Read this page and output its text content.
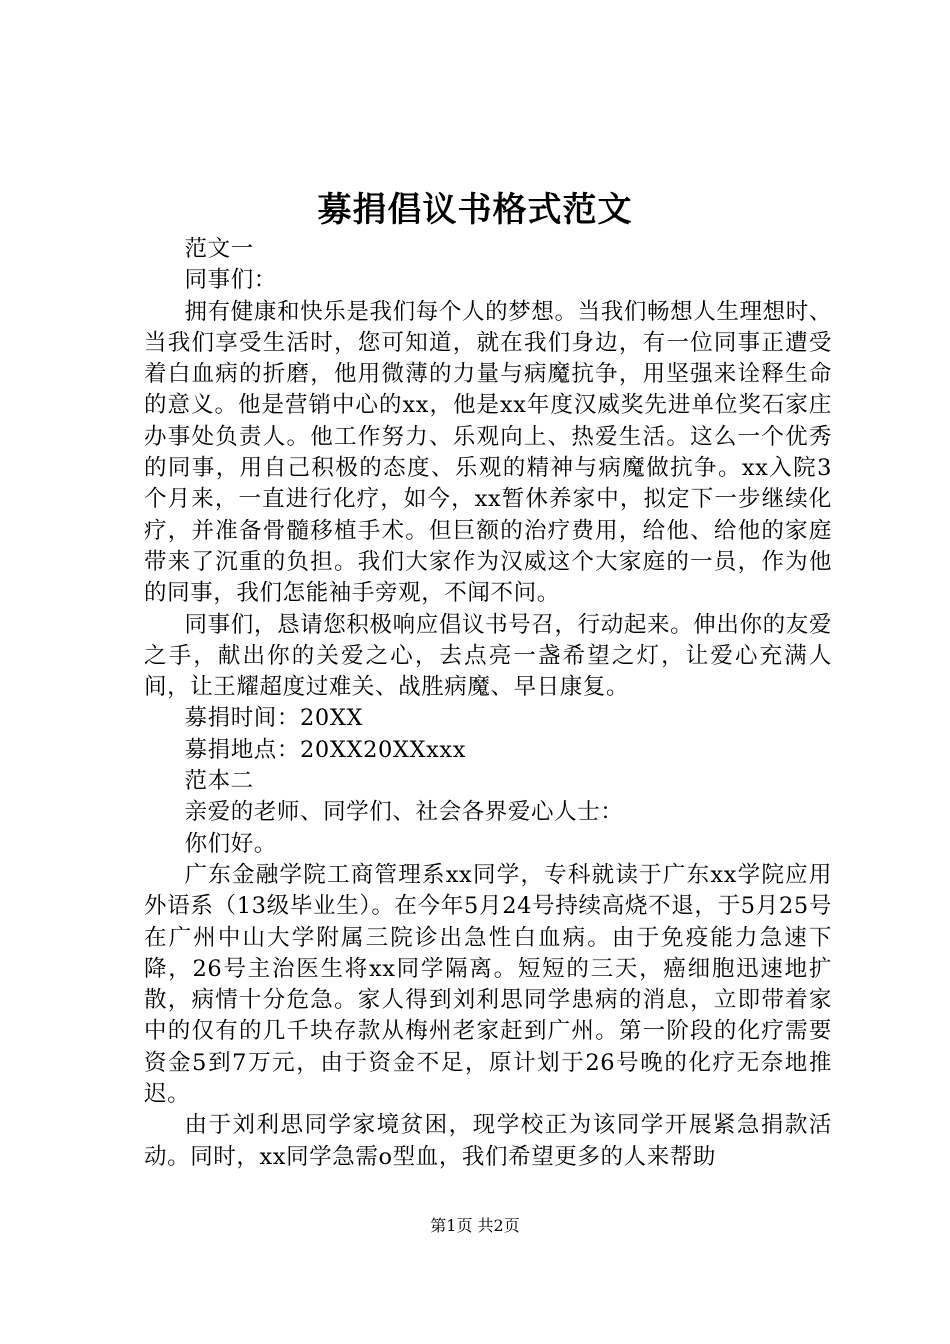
募捐倡议书格式范文

范文一

同事们：

拥有健康和快乐是我们每个人的梦想。当我们畅想人生理想时、当我们享受生活时，您可知道，就在我们身边，有一位同事正遭受着白血病的折磨，他用微薄的力量与病魔抗争，用坚强来诠释生命的意义。他是营销中心的xx，他是xx年度汉威奖先进单位奖石家庄办事处负责人。他工作努力、乐观向上、热爱生活。这么一个优秀的同事，用自己积极的态度、乐观的精神与病魔做抗争。xx入院3个月来，一直进行化疗，如今，xx暂休养家中，拟定下一步继续化疗，并准备骨髓移植手术。但巨额的治疗费用，给他、给他的家庭带来了沉重的负担。我们大家作为汉威这个大家庭的一员，作为他的同事，我们怎能袖手旁观，不闻不问。

同事们，恳请您积极响应倡议书号召，行动起来。伸出你的友爱之手，献出你的关爱之心，去点亮一盏希望之灯，让爱心充满人间，让王耀超度过难关、战胜病魔、早日康复。

募捐时间：20XX

募捐地点：20XX20XXxxx

范本二

亲爱的老师、同学们、社会各界爱心人士：

你们好。

广东金融学院工商管理系xx同学，专科就读于广东xx学院应用外语系（13级毕业生）。在今年5月24号持续高烧不退，于5月25号在广州中山大学附属三院诊出急性白血病。由于免疫能力急速下降，26号主治医生将xx同学隔离。短短的三天，癌细胞迅速地扩散，病情十分危急。家人得到刘利思同学患病的消息，立即带着家中的仅有的几千块存款从梅州老家赶到广州。第一阶段的化疗需要资金5到7万元，由于资金不足，原计划于26号晚的化疗无奈地推迟。

由于刘利思同学家境贫困，现学校正为该同学开展紧急捐款活动。同时，xx同学急需o型血，我们希望更多的人来帮助

第1页 共2页
